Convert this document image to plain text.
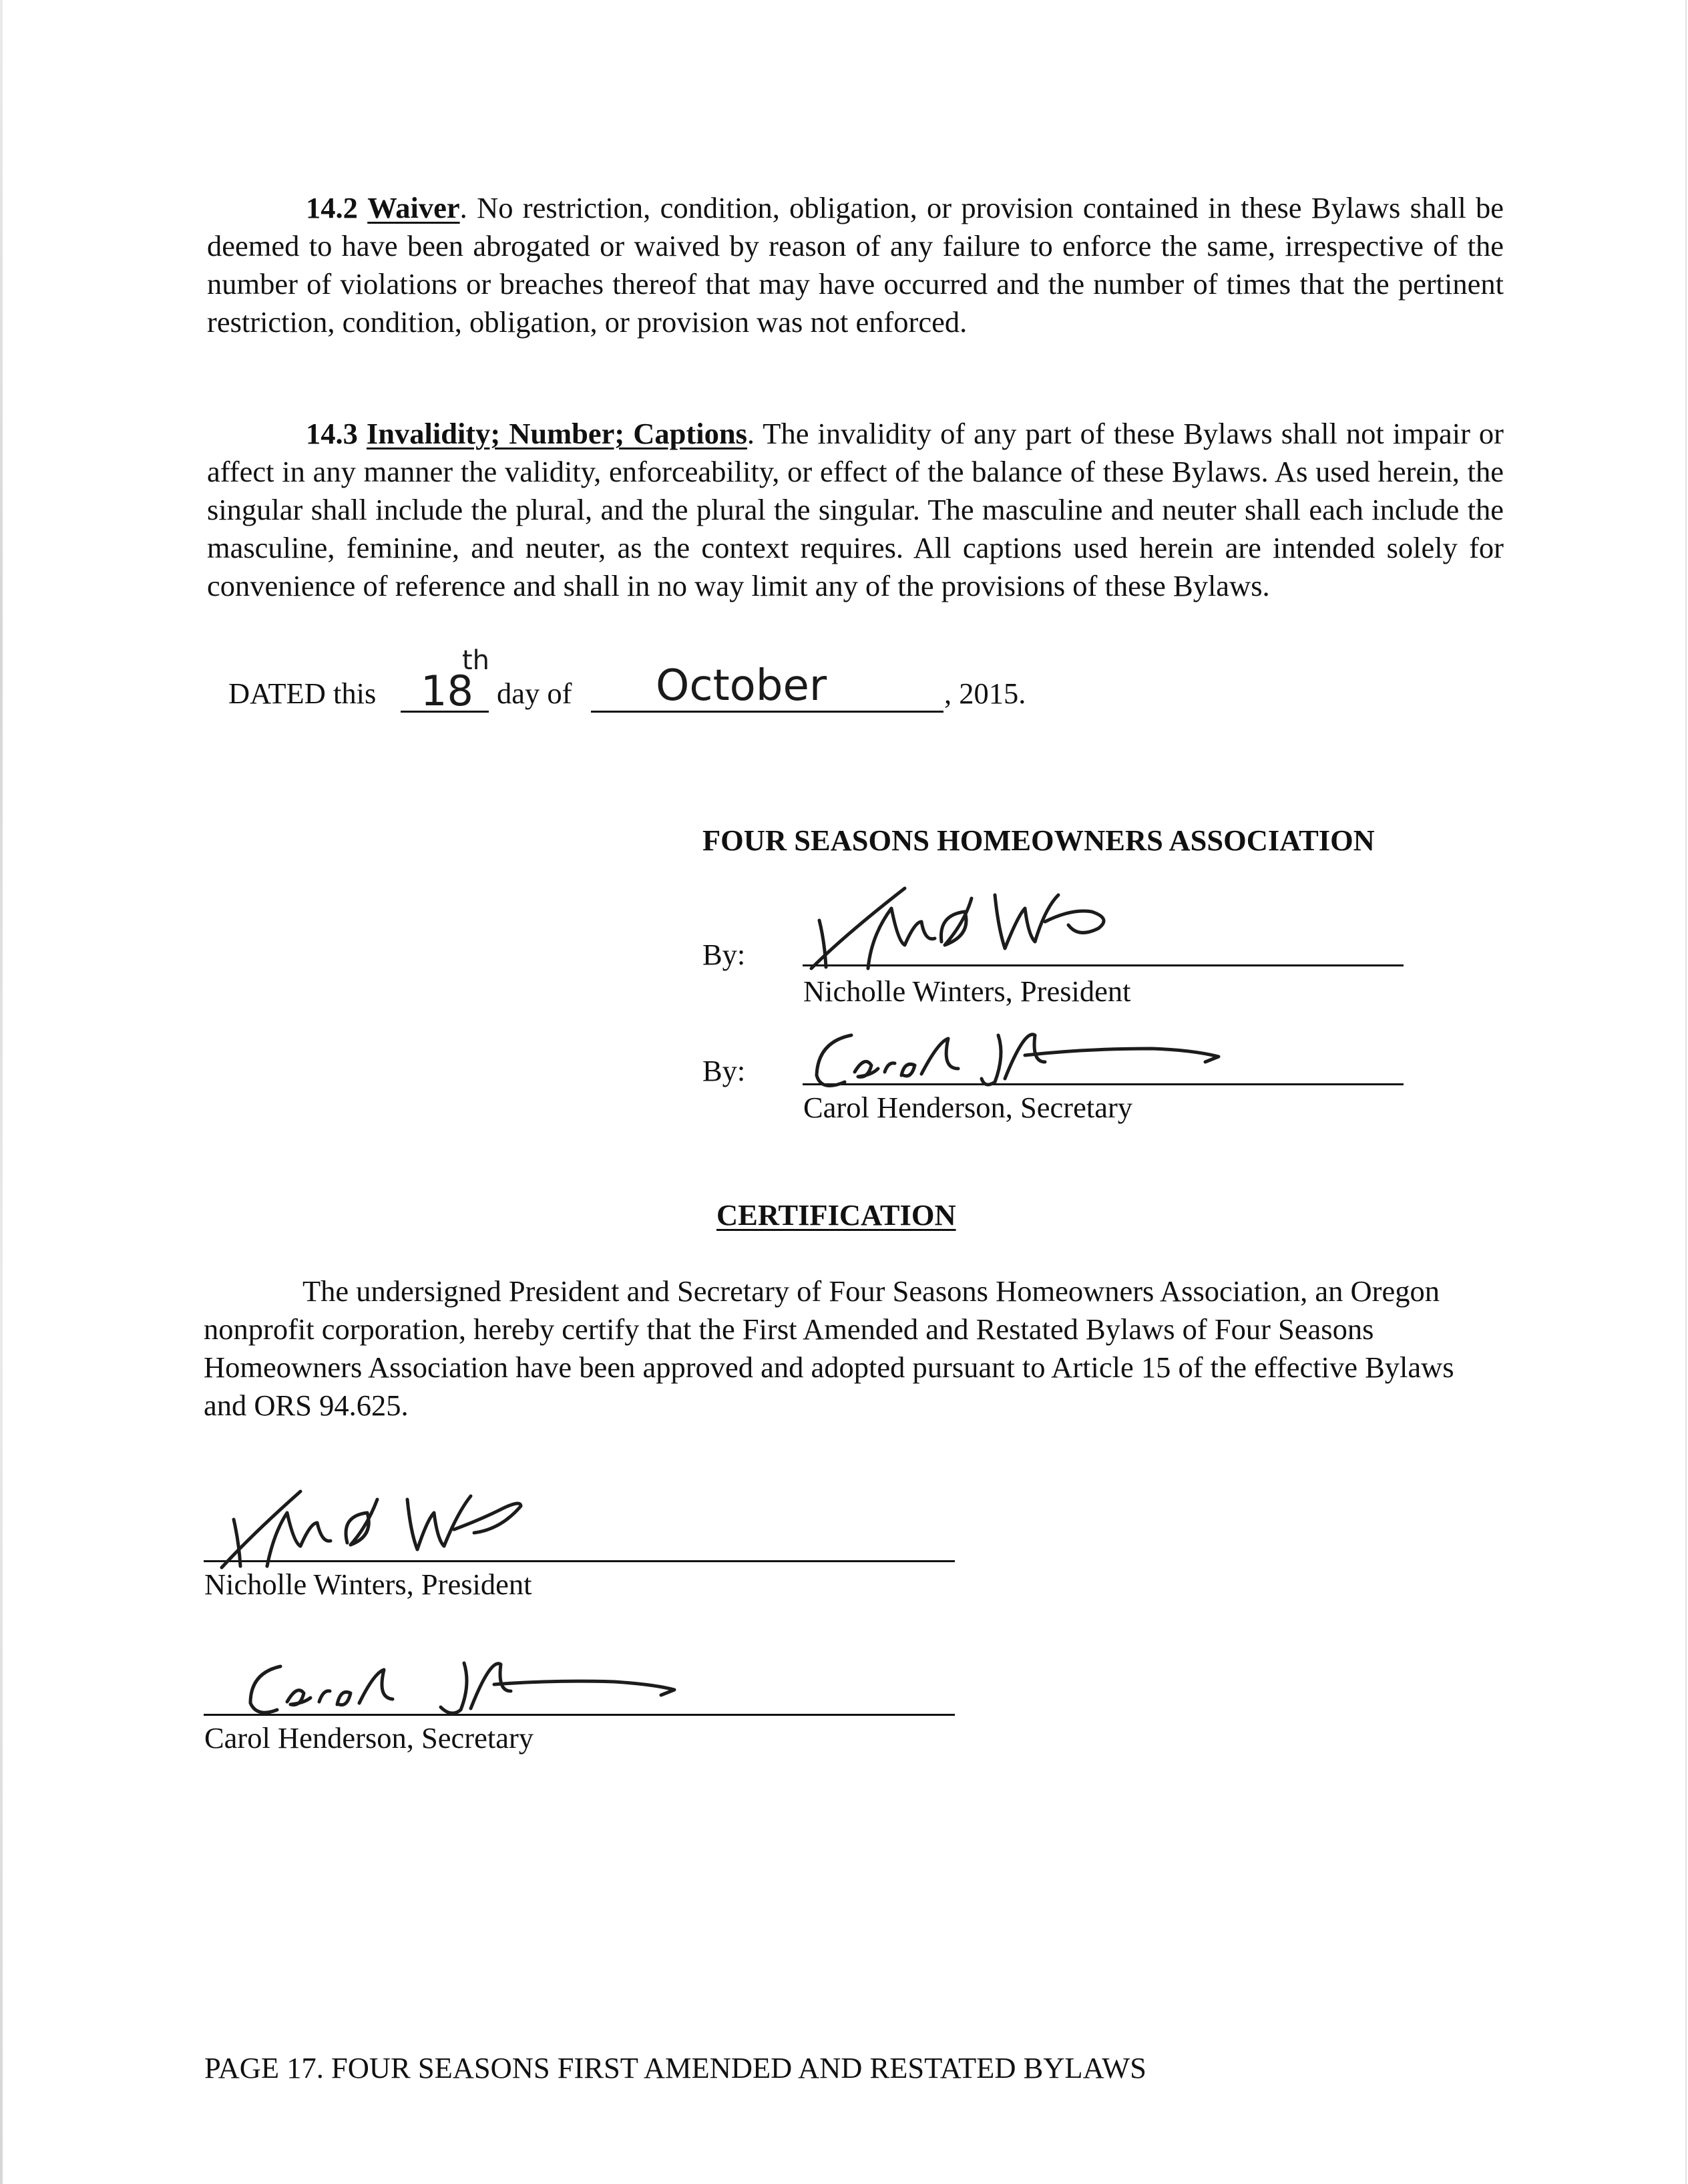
14.2 Waiver. No restriction, condition, obligation, or provision contained in these Bylaws shall be deemed to have been abrogated or waived by reason of any failure to enforce the same, irrespective of the number of violations or breaches thereof that may have occurred and the number of times that the pertinent restriction, condition, obligation, or provision was not enforced.
14.3 Invalidity; Number; Captions. The invalidity of any part of these Bylaws shall not impair or affect in any manner the validity, enforceability, or effect of the balance of these Bylaws. As used herein, the singular shall include the plural, and the plural the singular. The masculine and neuter shall each include the masculine, feminine, and neuter, as the context requires. All captions used herein are intended solely for convenience of reference and shall in no way limit any of the provisions of these Bylaws.
DATED this 18
th
day of October	, 2015.
FOUR SEASONS HOMEOWNERS ASSOCIATION
By:
Nicholle Winters, President
By:
Carol Henderson, Secretary
CERTIFICATION
The undersigned President and Secretary of Four Seasons Homeowners Association, an Oregon nonprofit corporation, hereby certify that the First Amended and Restated Bylaws of Four Seasons Homeowners Association have been approved and adopted pursuant to Article 15 of the effective Bylaws and ORS 94.625.
Nicholle Winters, President
Carol Henderson, Secretary
PAGE 17. FOUR SEASONS FIRST AMENDED AND RESTATED BYLAWS
